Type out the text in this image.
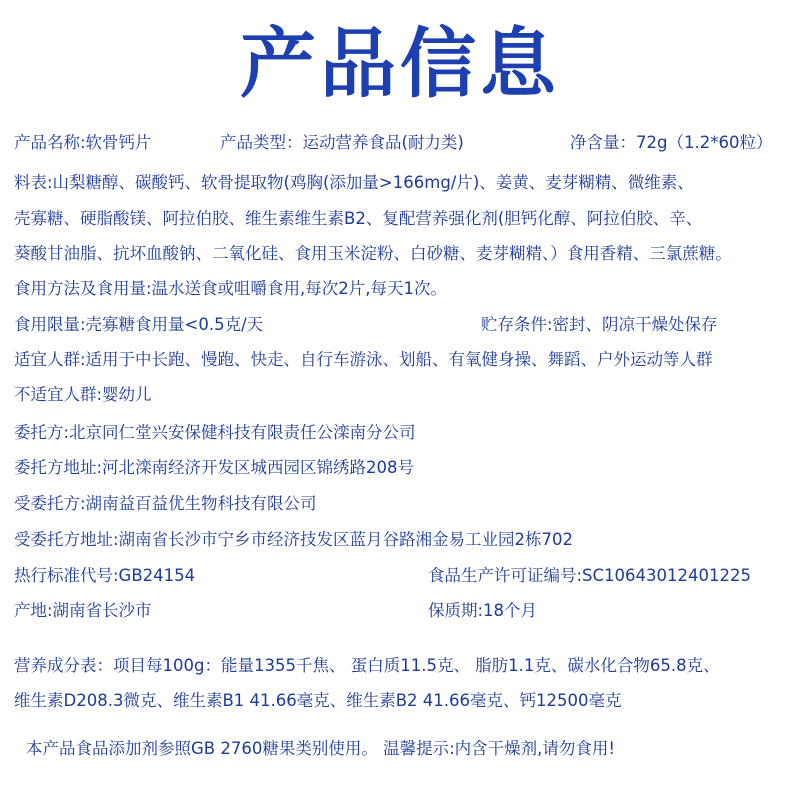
产品信息
产品名称:软骨钙片	产品类型：运动营养食品(耐力类)	净含量：72g（1.2*60粒）
料表:山梨糖醇、碳酸钙、软骨提取物(鸡胸(添加量>166mg/片)、姜黄、麦芽糊精、微维素、
壳寡糖、硬脂酸镁、阿拉伯胶、维生素维生素B2、复配营养强化剂(胆钙化醇、阿拉伯胶、辛、
葵酸甘油脂、抗坏血酸钠、二氧化硅、食用玉米淀粉、白砂糖、麦芽糊精、）食用香精、三氯蔗糖。
食用方法及食用量:温水送食或咀嚼食用,每次2片,每天1次。
食用限量:壳寡糖食用量<0.5克/天	贮存条件:密封、阴凉干燥处保存
适宜人群:适用于中长跑、慢跑、快走、自行车游泳、划船、有氧健身操、舞蹈、户外运动等人群
不适宜人群:婴幼儿
委托方:北京同仁堂兴安保健科技有限责任公滦南分公司
委托方地址:河北滦南经济开发区城西园区锦绣路208号
受委托方:湖南益百益优生物科技有限公司
受委托方地址:湖南省长沙市宁乡市经济技发区蓝月谷路湘金易工业园2栋702
热行标准代号:GB24154	食品生产许可证编号:SC10643012401225
产地:湖南省长沙市	保质期:18个月
营养成分表：项目每100g：能量1355千焦、 蛋白质11.5克、 脂肪1.1克、碳水化合物65.8克、
维生素D208.3微克、维生素B1 41.66毫克、维生素B2 41.66毫克、钙12500毫克
本产品食品添加剂参照GB 2760糖果类别使用。 温馨提示:内含干燥剂,请勿食用!
